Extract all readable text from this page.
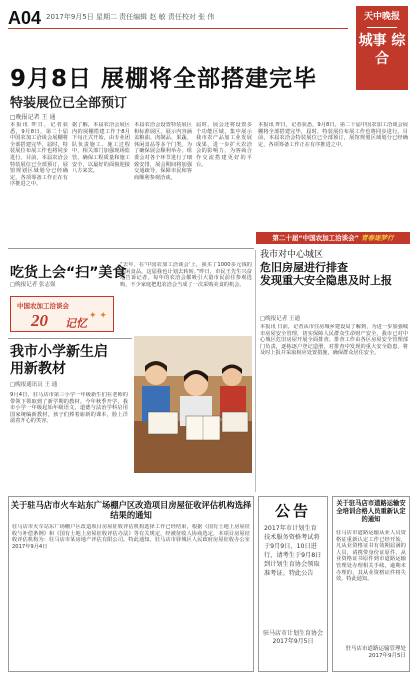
A04 2017年9月5日 星期二 责任编辑 赵 敏 责任校对 张 伟	天中晚报
城事 综合
9月8日 展棚将全部搭建完毕
特装展位已全部预订
□晚报记者 王 通
本报讯 昨日，记者获悉，9月8日，第二十届中国农加工洽谈会展棚将全部搭建完毕，届时，特装展位布展工作也将同步进行。目前，本届农洽会特装展位已全部预订，展馆规划区域划分已经确定，各项筹备工作正在有序推进之中。
据了解，本届农洽会展区内的展棚搭建工作于8月下旬正式开始，由专业团队负责施工。施工过程中，相关部门加强现场监管，确保工程质量和施工安全，以最好的面貌迎接八方来宾。
本届农洽会设置特装展区和标准展区，展示内容涵盖粮油、肉制品、果蔬、休闲食品等多个门类。为了确保展会顺利举办，组委会对各个环节进行了细致安排，展会期间将加强交通疏导，保障市民和客商顺利参观洽谈。
届时，展会还将设置多个功能区域，集中展示我市农产品加工业发展成果，进一步扩大农洽会的影响力，为客商合作交流搭建更好的平台。
本报讯 昨日，记者获悉，9月8日，第二十届中国农加工洽谈会展棚将全部搭建完毕，届时，特装展位布展工作也将同步进行。目前，本届农洽会特装展位已全部预订，展馆规划区域划分已经确定，各项筹备工作正在有序推进之中。
第二十届“中国农加工洽谈会” 青春逐梦行
吃货上会“扫”美食
□晚报记者 张志强
中国农加工洽谈会
20 记忆
✦ ✦
“去年，在‘中国农加工洽谈会’上，我买了1000多元钱的休闲食品。这届我也计划去转转。”昨日，市民王先生兴奋地告诉记者。每年的农洽会都吸引大量市民前往参观选购，不少家庭把逛农洽会当成了一次采购美食的机会。
我市小学新生启用新教材
□晚报通讯员 王 通
9月4日，驻马店市第三小学一年级新生们在老师的带领下领取到了新学期的教材。今年秋季开学，我市小学一年级起始年级语文、道德与法治学科启用国家统编新教材，孩子们捧着崭新的课本，脸上洋溢着开心的笑容。
我市对中心城区
危旧房屋进行排查
发现重大安全隐患及时上报
□晚报记者 王通
本报讯 日前，记者从市住房城乡建设局了解到，为进一步加强城市房屋安全管理，切实保障人民群众生命财产安全，我市已对中心城区危旧房屋开展全面排查。排查工作由各区房屋安全管理部门负责，逐栋逐户登记造册，对排查中发现的重大安全隐患，将及时上报并采取相应处置措施，确保群众居住安全。
关于驻马店市火车站东广场棚户区改造项目房屋征收评估机构选择结果的通知
驻马店市火车站东广场棚户区改造项目房屋征收评估机构选择工作已经结束，根据《国有土地上房屋征收与补偿条例》和《国有土地上房屋征收评估办法》等有关规定，经被征收人协商选定，本项目房屋征收评估机构为：驻马店市某房地产评估有限公司。特此通知。驻马店市驿城区人民政府房屋征收办公室 2017年9月4日
公告
2017年市计划生育技术服务资格考试将于9月9日、10日进行，请考生于9月8日到计划生育协会领取准考证。特此公告
驻马店市计划生育协会 2017年9月5日
关于驻马店市道路运输安全培训合格人员重新认定的通知
驻马店市道路运输从业人员资格证重新认定工作已经开始，凡从业资格证书有效期届满的人员，请携带身份证原件、从业资格证书原件到市道路运输管理处办理相关手续，逾期未办理的，其从业资格证件将失效。特此通知。
驻马店市道路运输管理处 2017年9月5日
